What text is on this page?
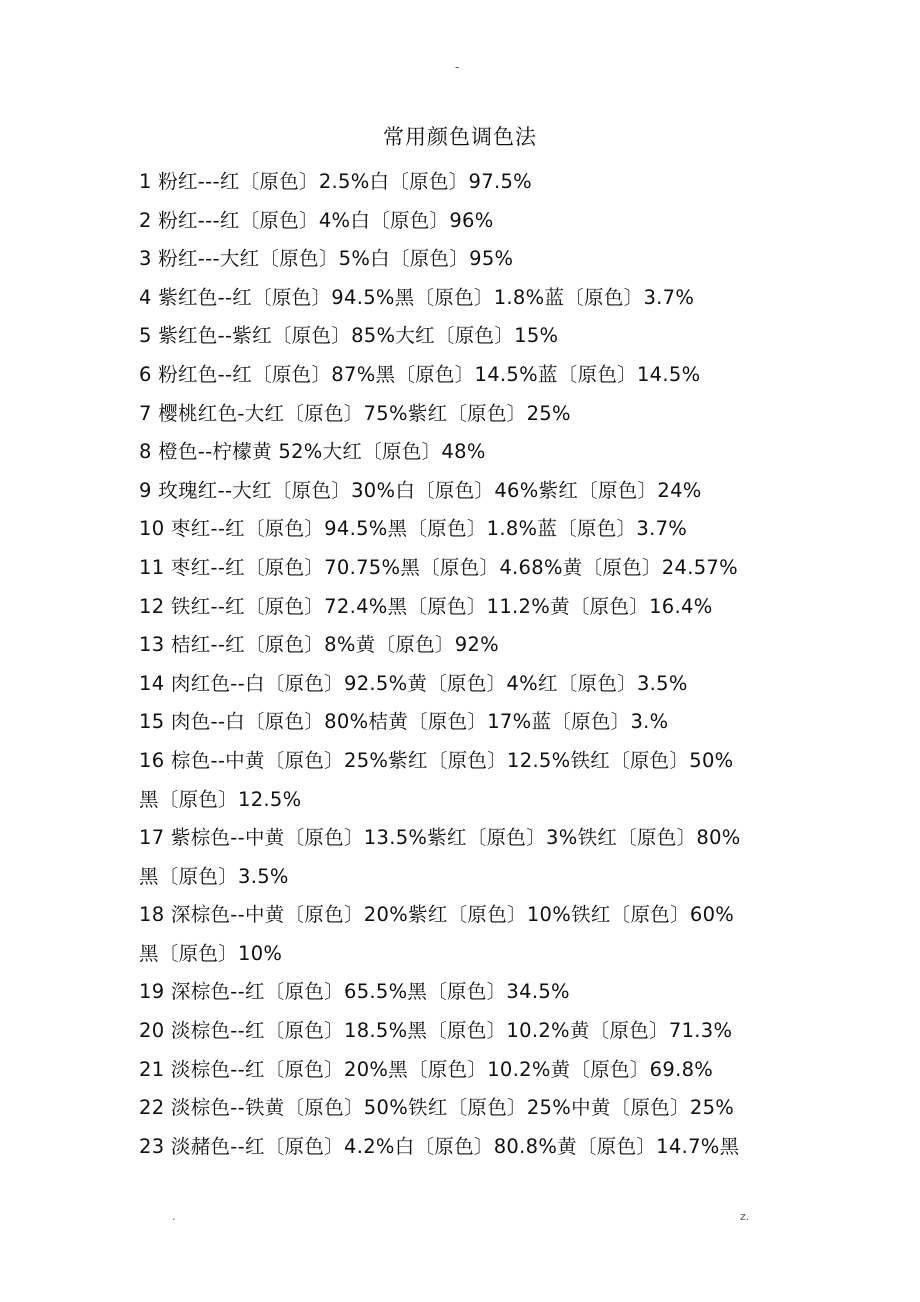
-
常用颜色调色法
1 粉红---红〔原色〕2.5%白〔原色〕97.5%
2 粉红---红〔原色〕4%白〔原色〕96%
3 粉红---大红〔原色〕5%白〔原色〕95%
4 紫红色--红〔原色〕94.5%黑〔原色〕1.8%蓝〔原色〕3.7%
5 紫红色--紫红〔原色〕85%大红〔原色〕15%
6 粉红色--红〔原色〕87%黑〔原色〕14.5%蓝〔原色〕14.5%
7 樱桃红色-大红〔原色〕75%紫红〔原色〕25%
8 橙色--柠檬黄 52%大红〔原色〕48%
9 玫瑰红--大红〔原色〕30%白〔原色〕46%紫红〔原色〕24%
10 枣红--红〔原色〕94.5%黑〔原色〕1.8%蓝〔原色〕3.7%
11 枣红--红〔原色〕70.75%黑〔原色〕4.68%黄〔原色〕24.57%
12 铁红--红〔原色〕72.4%黑〔原色〕11.2%黄〔原色〕16.4%
13 桔红--红〔原色〕8%黄〔原色〕92%
14 肉红色--白〔原色〕92.5%黄〔原色〕4%红〔原色〕3.5%
15 肉色--白〔原色〕80%桔黄〔原色〕17%蓝〔原色〕3.%
16 棕色--中黄〔原色〕25%紫红〔原色〕12.5%铁红〔原色〕50%
黑〔原色〕12.5%
17 紫棕色--中黄〔原色〕13.5%紫红〔原色〕3%铁红〔原色〕80%
黑〔原色〕3.5%
18 深棕色--中黄〔原色〕20%紫红〔原色〕10%铁红〔原色〕60%
黑〔原色〕10%
19 深棕色--红〔原色〕65.5%黑〔原色〕34.5%
20 淡棕色--红〔原色〕18.5%黑〔原色〕10.2%黄〔原色〕71.3%
21 淡棕色--红〔原色〕20%黑〔原色〕10.2%黄〔原色〕69.8%
22 淡棕色--铁黄〔原色〕50%铁红〔原色〕25%中黄〔原色〕25%
23 淡赭色--红〔原色〕4.2%白〔原色〕80.8%黄〔原色〕14.7%黑
.	z.
